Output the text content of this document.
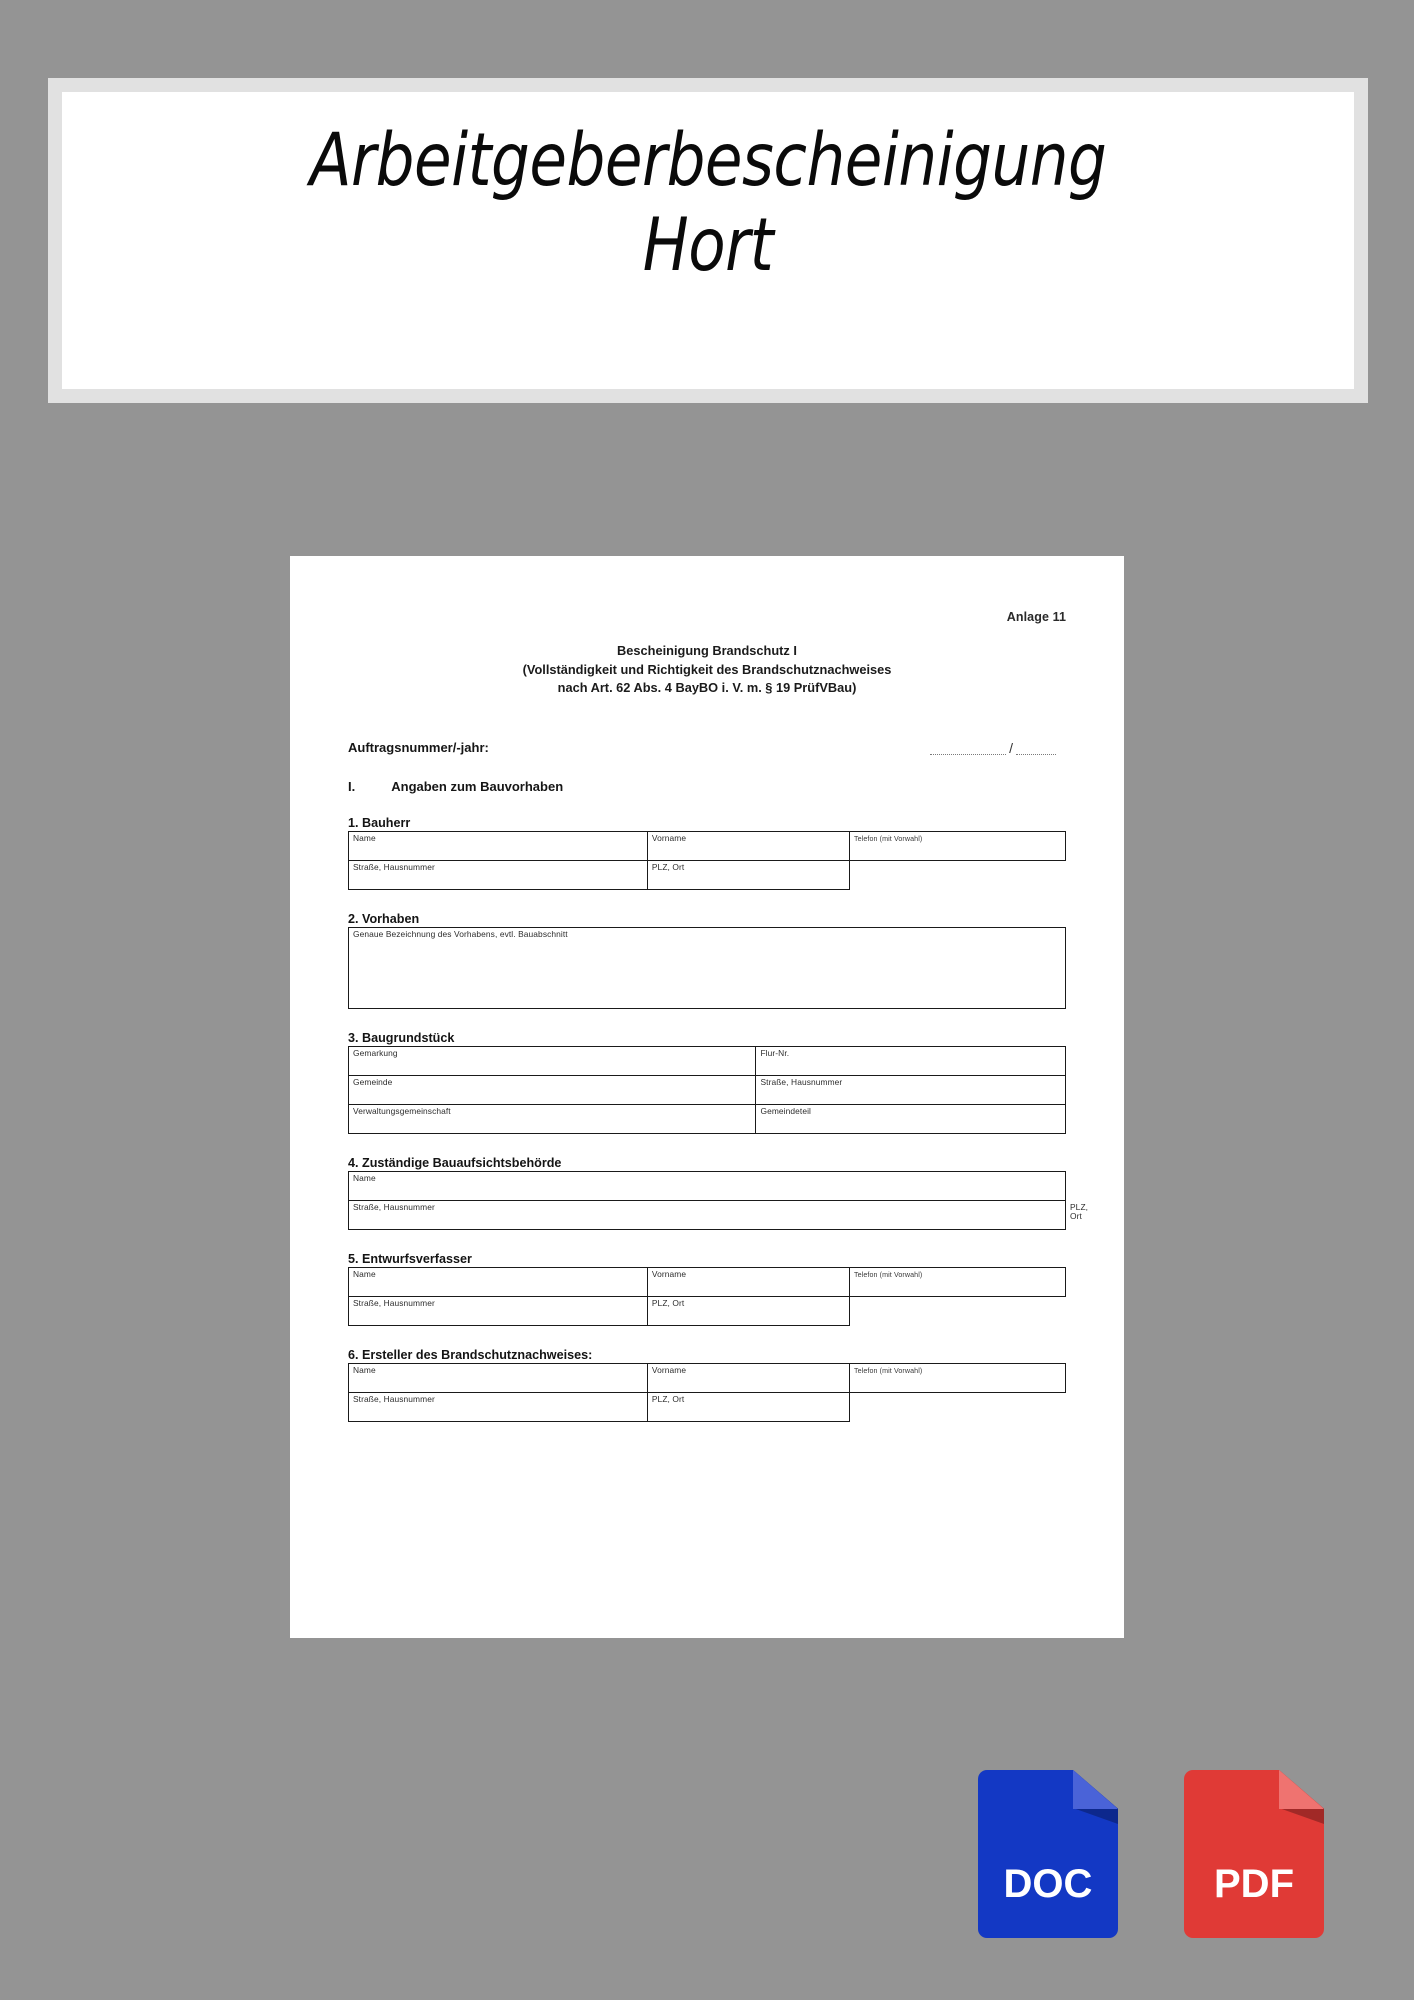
Arbeitgeberbescheinigung Hort
Anlage 11
Bescheinigung Brandschutz I
(Vollständigkeit und Richtigkeit des Brandschutznachweises
nach Art. 62 Abs. 4 BayBO i. V. m. § 19 PrüfVBau)
Auftragsnummer/-jahr:	/
I.	Angaben zum Bauvorhaben
1. Bauherr
Name	Vorname	Telefon (mit Vorwahl)
Straße, Hausnummer	PLZ, Ort	
2. Vorhaben
Genaue Bezeichnung des Vorhabens, evtl. Bauabschnitt
3. Baugrundstück
Gemarkung	Flur-Nr.
Gemeinde	Straße, Hausnummer
Verwaltungsgemeinschaft	Gemeindeteil
4. Zuständige Bauaufsichtsbehörde
Name
Straße, Hausnummer	PLZ, Ort
5. Entwurfsverfasser
Name	Vorname	Telefon (mit Vorwahl)
Straße, Hausnummer	PLZ, Ort	
6. Ersteller des Brandschutznachweises:
Name	Vorname	Telefon (mit Vorwahl)
Straße, Hausnummer	PLZ, Ort	
DOC	PDF
